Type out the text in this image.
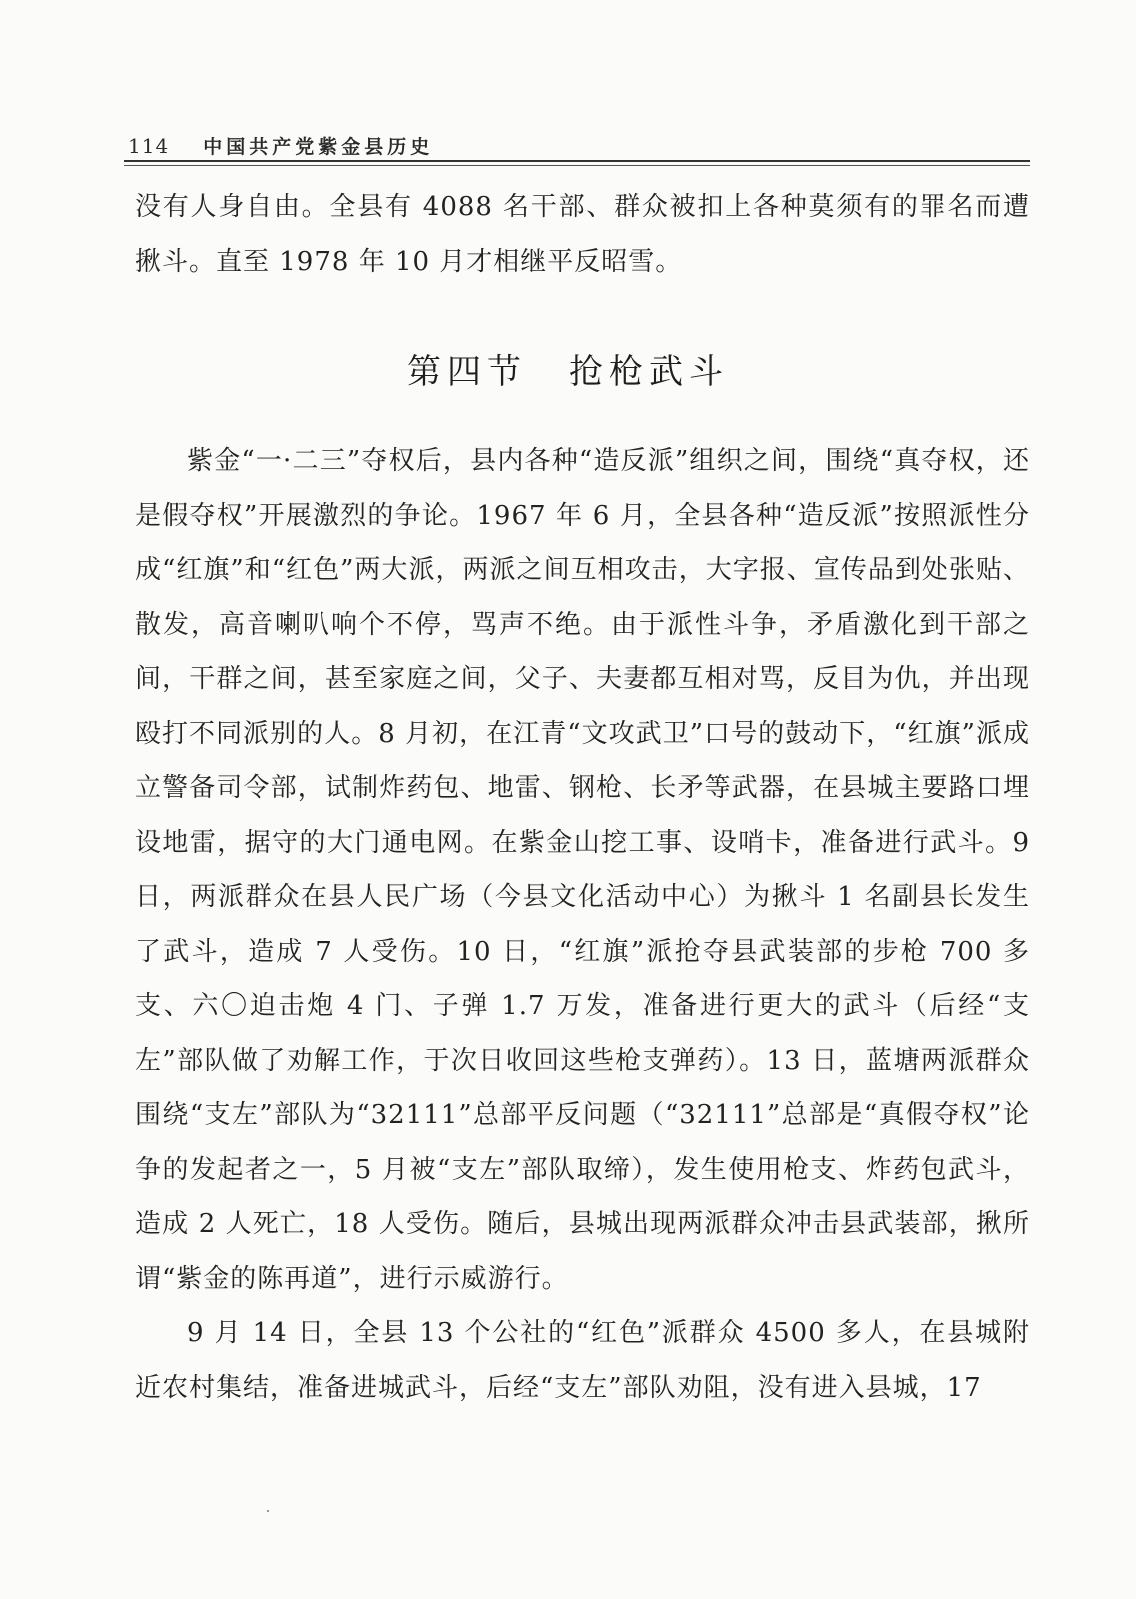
114 中国共产党紫金县历史

没有人身自由。全县有 4088 名干部、群众被扣上各种莫须有的罪名而遭揪斗。直至 1978 年 10 月才相继平反昭雪。

第四节 抢枪武斗

紫金“一·二三”夺权后，县内各种“造反派”组织之间，围绕“真夺权，还是假夺权”开展激烈的争论。1967 年 6 月，全县各种“造反派”按照派性分成“红旗”和“红色”两大派，两派之间互相攻击，大字报、宣传品到处张贴、散发，高音喇叭响个不停，骂声不绝。由于派性斗争，矛盾激化到干部之间，干群之间，甚至家庭之间，父子、夫妻都互相对骂，反目为仇，并出现殴打不同派别的人。8 月初，在江青“文攻武卫”口号的鼓动下，“红旗”派成立警备司令部，试制炸药包、地雷、钢枪、长矛等武器，在县城主要路口埋设地雷，据守的大门通电网。在紫金山挖工事、设哨卡，准备进行武斗。9 日，两派群众在县人民广场（今县文化活动中心）为揪斗 1 名副县长发生了武斗，造成 7 人受伤。10 日，“红旗”派抢夺县武装部的步枪 700 多支、六〇迫击炮 4 门、子弹 1.7 万发，准备进行更大的武斗（后经“支左”部队做了劝解工作，于次日收回这些枪支弹药）。13 日，蓝塘两派群众围绕“支左”部队为“32111”总部平反问题（“32111”总部是“真假夺权”论争的发起者之一，5 月被“支左”部队取缔），发生使用枪支、炸药包武斗，造成 2 人死亡，18 人受伤。随后，县城出现两派群众冲击县武装部，揪所谓“紫金的陈再道”，进行示威游行。

9 月 14 日，全县 13 个公社的“红色”派群众 4500 多人，在县城附近农村集结，准备进城武斗，后经“支左”部队劝阻，没有进入县城，17
